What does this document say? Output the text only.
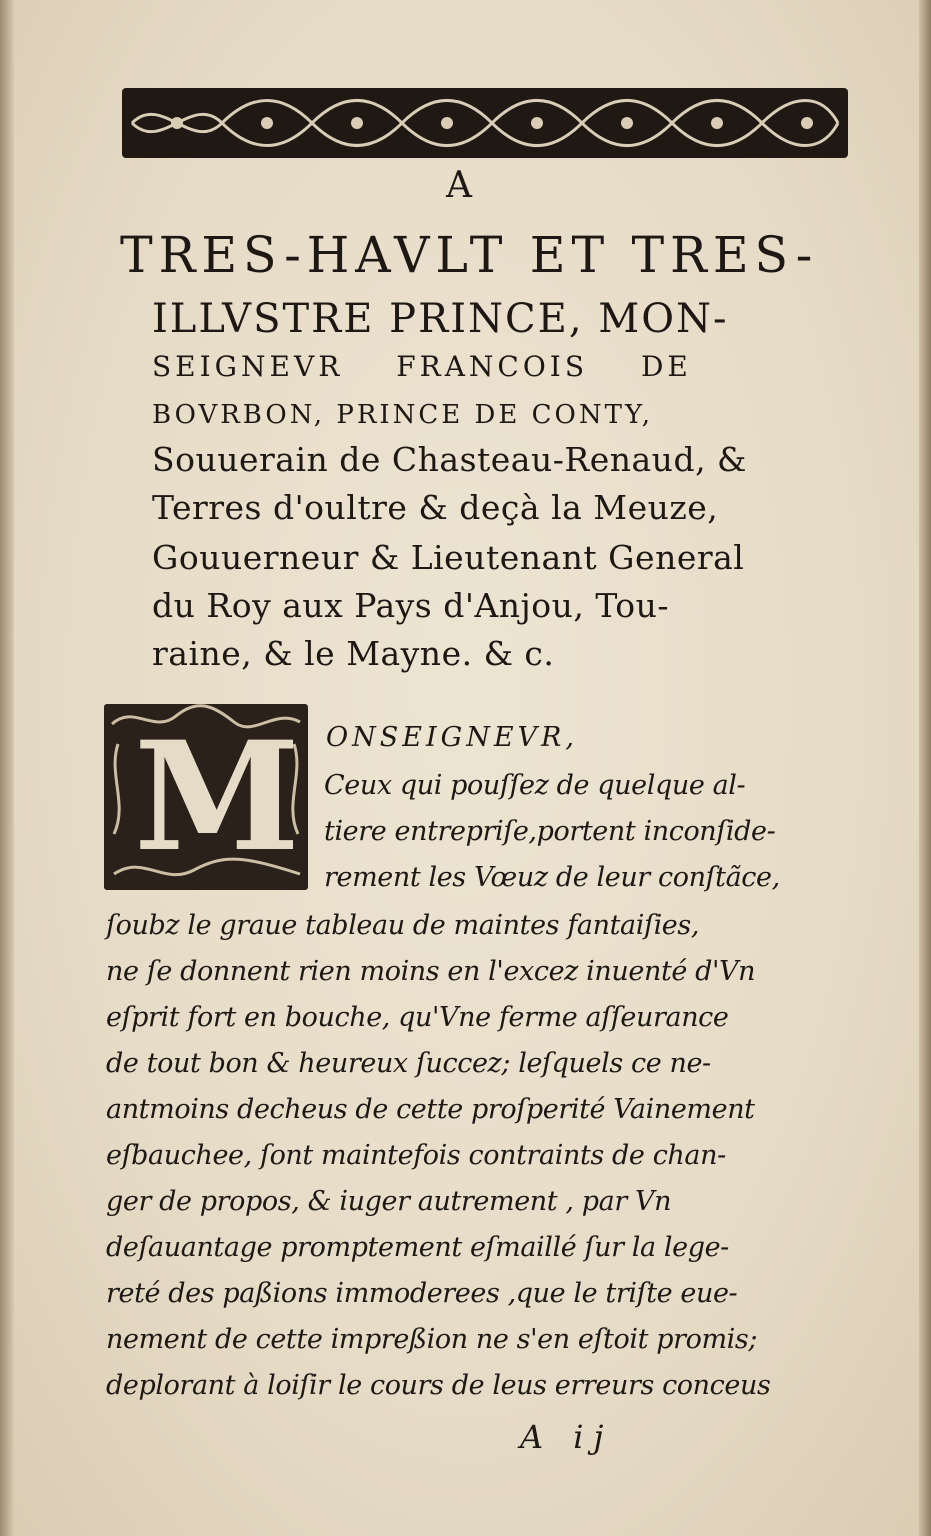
A
TRES-HAVLT ET TRES-
ILLVSTRE PRINCE, MON-
SEIGNEVR FRANCOIS DE
BOVRBON, PRINCE DE CONTY,
Souuerain de Chasteau-Renaud, &
Terres d'oultre & deçà la Meuze,
Gouuerneur & Lieutenant General
du Roy aux Pays d'Anjou, Tou-
raine, & le Mayne. & c.
M ONSEIGNEVR,
Ceux qui pouſſez de quelque al-
tiere entrepriſe,portent inconſide-
rement les Vœuz de leur conſtãce,
ſoubz le graue tableau de maintes fantaiſies,
ne ſe donnent rien moins en l'excez inuenté d'Vn
eſprit fort en bouche, qu'Vne ferme aſſeurance
de tout bon & heureux ſuccez; leſquels ce ne-
antmoins decheus de cette proſperité Vainement
eſbauchee, ſont maintefois contraints de chan-
ger de propos, & iuger autrement , par Vn
deſauantage promptement eſmaillé ſur la lege-
reté des paßions immoderees ,que le triſte eue-
nement de cette impreßion ne s'en eſtoit promis;
deplorant à loiſir le cours de leus erreurs conceus
A ij
